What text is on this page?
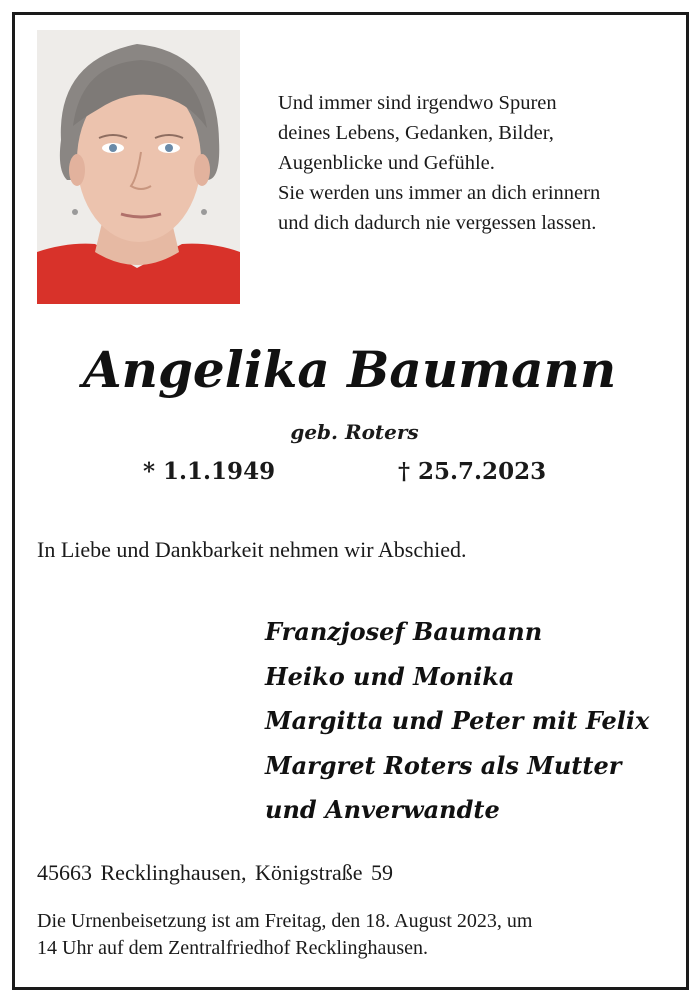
Und immer sind irgendwo Spuren
deines Lebens, Gedanken, Bilder,
Augenblicke und Gefühle.
Sie werden uns immer an dich erinnern
und dich dadurch nie vergessen lassen.
Angelika Baumann
geb. Roters
* 1.1.1949	† 25.7.2023
In Liebe und Dankbarkeit nehmen wir Abschied.
Franzjosef Baumann
Heiko und Monika
Margitta und Peter mit Felix
Margret Roters als Mutter
und Anverwandte
45663 Recklinghausen, Königstraße 59
Die Urnenbeisetzung ist am Freitag, den 18. August 2023, um
14 Uhr auf dem Zentralfriedhof Recklinghausen.
